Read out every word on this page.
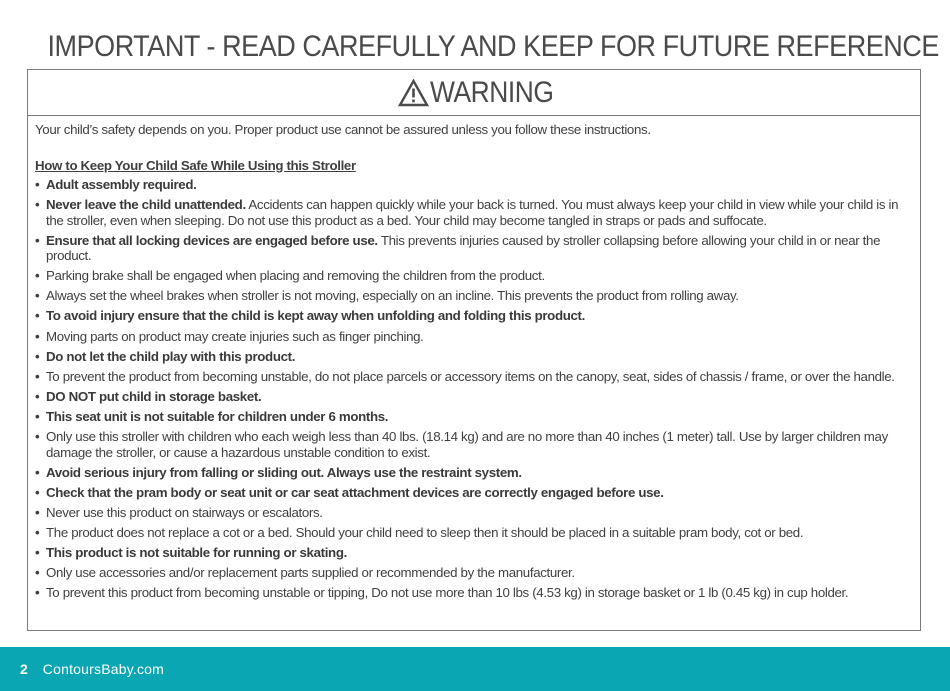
IMPORTANT - READ CAREFULLY AND KEEP FOR FUTURE REFERENCE
WARNING

Your child’s safety depends on you. Proper product use cannot be assured unless you follow these instructions.

How to Keep Your Child Safe While Using this Stroller

• Adult assembly required.
• Never leave the child unattended. Accidents can happen quickly while your back is turned. You must always keep your child in view while your child is in the stroller, even when sleeping. Do not use this product as a bed. Your child may become tangled in straps or pads and suffocate.
• Ensure that all locking devices are engaged before use. This prevents injuries caused by stroller collapsing before allowing your child in or near the product.
• Parking brake shall be engaged when placing and removing the children from the product.
• Always set the wheel brakes when stroller is not moving, especially on an incline. This prevents the product from rolling away.
• To avoid injury ensure that the child is kept away when unfolding and folding this product.
• Moving parts on product may create injuries such as finger pinching.
• Do not let the child play with this product.
• To prevent the product from becoming unstable, do not place parcels or accessory items on the canopy, seat, sides of chassis / frame, or over the handle.
• DO NOT put child in storage basket.
• This seat unit is not suitable for children under 6 months.
• Only use this stroller with children who each weigh less than 40 lbs. (18.14 kg) and are no more than 40 inches (1 meter) tall. Use by larger children may damage the stroller, or cause a hazardous unstable condition to exist.
• Avoid serious injury from falling or sliding out. Always use the restraint system.
• Check that the pram body or seat unit or car seat attachment devices are correctly engaged before use.
• Never use this product on stairways or escalators.
• The product does not replace a cot or a bed. Should your child need to sleep then it should be placed in a suitable pram body, cot or bed.
• This product is not suitable for running or skating.
• Only use accessories and/or replacement parts supplied or recommended by the manufacturer.
• To prevent this product from becoming unstable or tipping, Do not use more than 10 lbs (4.53 kg) in storage basket or 1 lb (0.45 kg) in cup holder.
2 ContoursBaby.com
